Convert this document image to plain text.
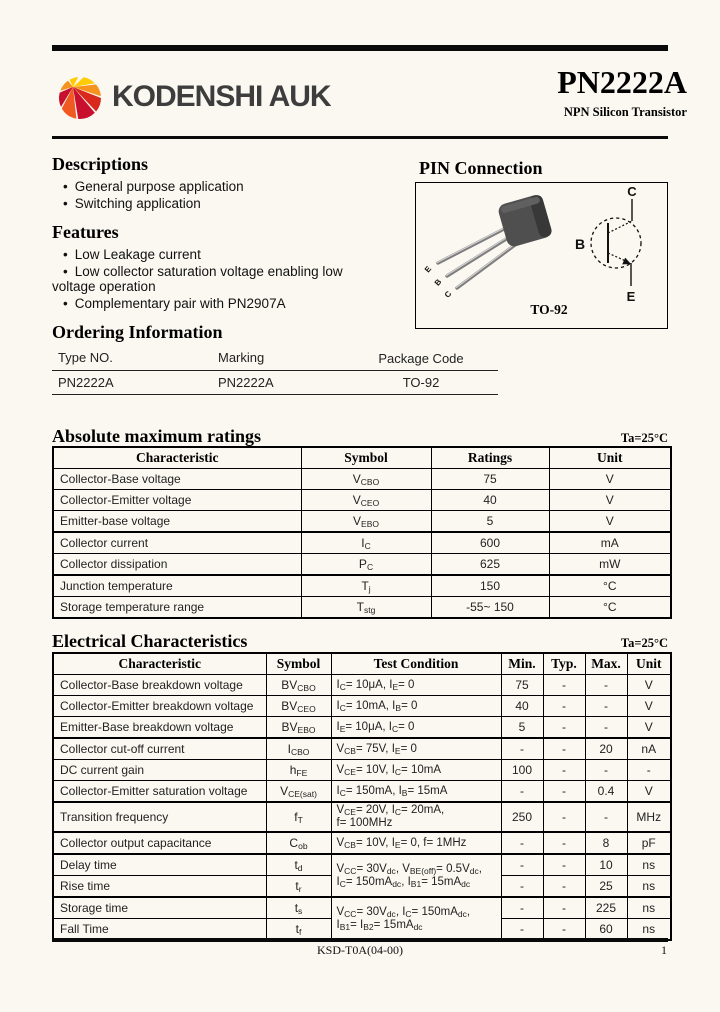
KODENSHI AUK	PN2222A
NPN Silicon Transistor
Descriptions
• General purpose application
• Switching application
Features
• Low Leakage current
• Low collector saturation voltage enabling low voltage operation
• Complementary pair with PN2907A
PIN Connection
E
B
C
C
B
E
TO-92
Ordering Information
Type NO.	Marking	Package Code
PN2222A	PN2222A	TO-92
Absolute maximum ratings	Ta=25°C
Characteristic	Symbol	Ratings	Unit
Collector-Base voltage	$V_{CBO}$	75	V
Collector-Emitter voltage	$V_{CEO}$	40	V
Emitter-base voltage	$V_{EBO}$	5	V
Collector current	$I_C$	600	mA
Collector dissipation	$P_C$	625	mW
Junction temperature	$T_j$	150	°C
Storage temperature range	$T_{stg}$	-55~ 150	°C
Electrical Characteristics	Ta=25°C
Characteristic	Symbol	Test Condition	Min.	Typ.	Max.	Unit
Collector-Base breakdown voltage	$BV_{CBO}$	$I_C= 10\mu A$, $I_E= 0$	75	-	-	V
Collector-Emitter breakdown voltage	$BV_{CEO}$	$I_C= 10mA$, $I_B= 0$	40	-	-	V
Emitter-Base breakdown voltage	$BV_{EBO}$	$I_E= 10\mu A$, $I_C= 0$	5	-	-	V
Collector cut-off current	$I_{CBO}$	$V_{CB}= 75V$, $I_E= 0$	-	-	20	nA
DC current gain	$h_{FE}$	$V_{CE}= 10V$, $I_C= 10mA$	100	-	-	-
Collector-Emitter saturation voltage	$V_{CE(sat)}$	$I_C= 150mA$, $I_B= 15mA$	-	-	0.4	V
Transition frequency	$f_T$	$V_{CE}= 20V$, $I_C= 20mA$,
f= 100MHz	250	-	-	MHz
Collector output capacitance	$C_{ob}$	$V_{CB}= 10V$, $I_E= 0$, f= 1MHz	-	-	8	pF
Delay time	$t_d$	$V_{CC}= 30V_{dc}$, $V_{BE(off)}= 0.5V_{dc}$,
$I_C= 150mA_{dc}$, $I_{B1}= 15mA_{dc}$	-	-	10	ns
Rise time	$t_r$		-	-	25	ns
Storage time	$t_s$	$V_{CC}= 30V_{dc}$, $I_C= 150mA_{dc}$,
$I_{B1}= I_{B2}= 15mA_{dc}$	-	-	225	ns
Fall Time	$t_f$		-	-	60	ns
KSD-T0A(04-00)	1
